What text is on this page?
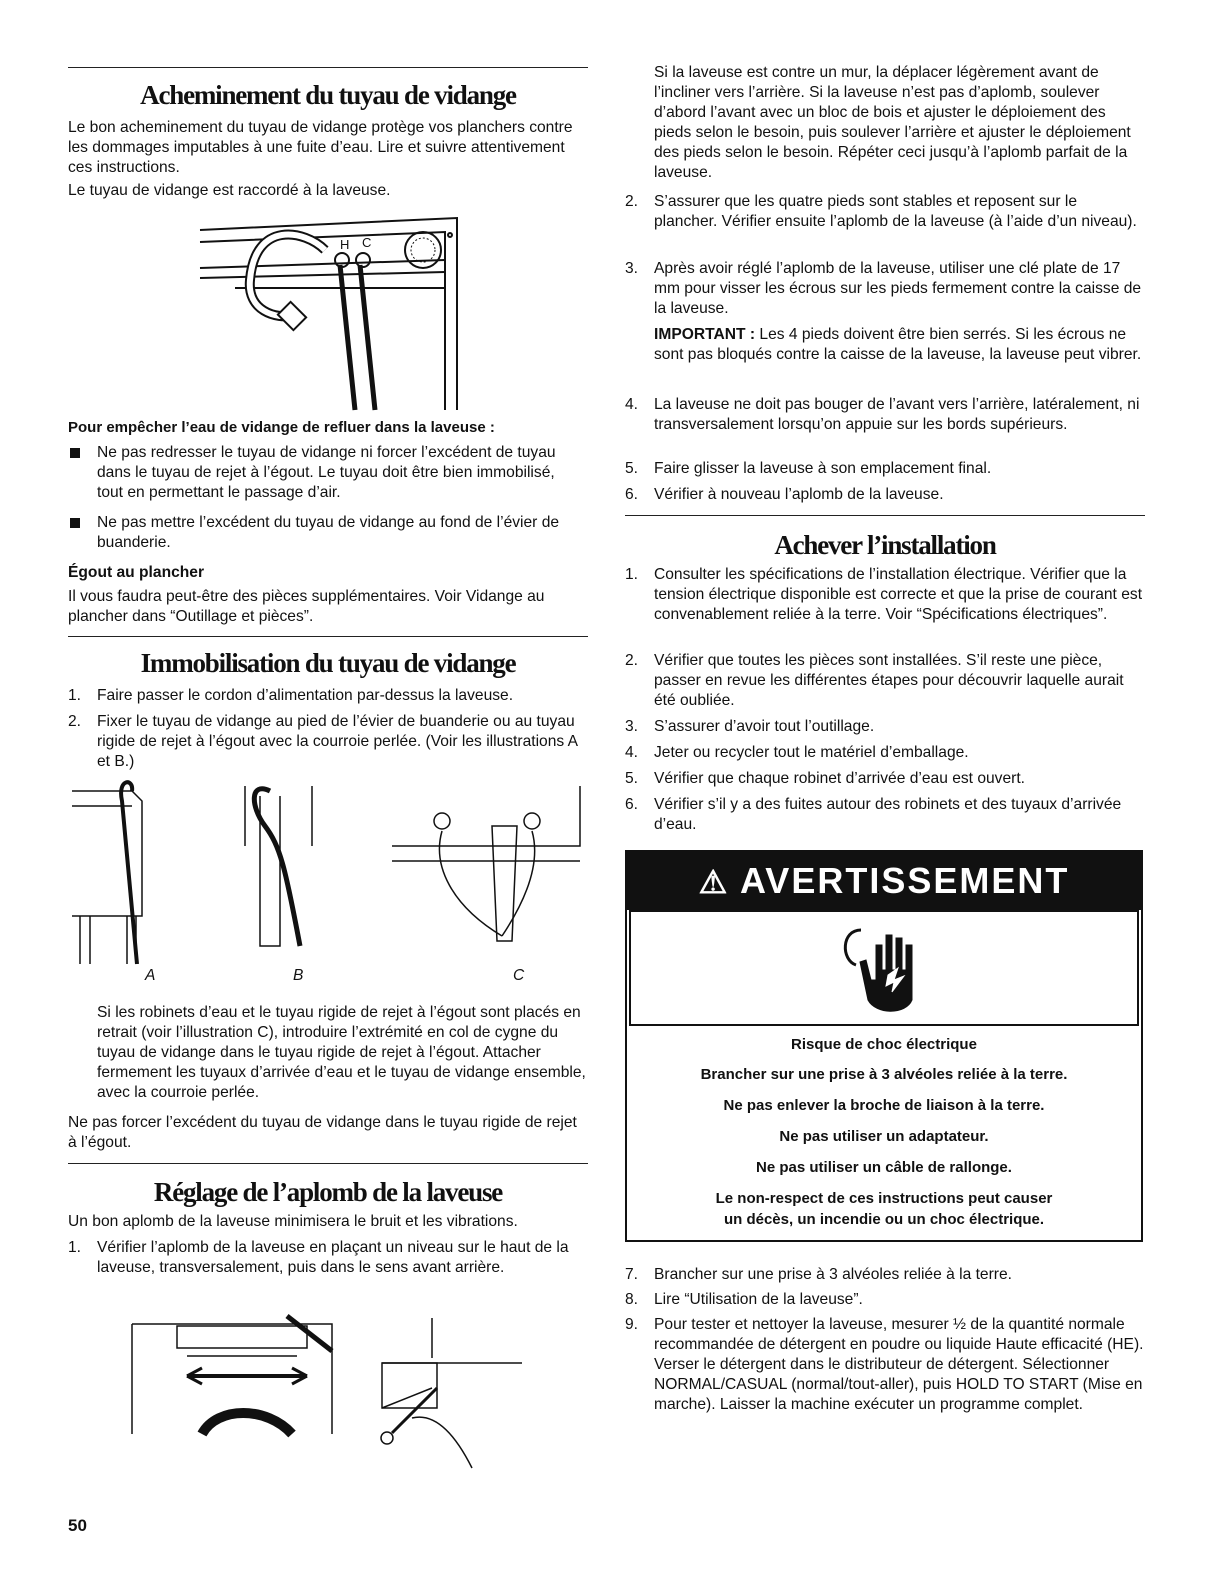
Acheminement du tuyau de vidange

Le bon acheminement du tuyau de vidange protège vos planchers contre les dommages imputables à une fuite d’eau. Lire et suivre attentivement ces instructions.

Le tuyau de vidange est raccordé à la laveuse.

H C

Pour empêcher l’eau de vidange de refluer dans la laveuse :

Ne pas redresser le tuyau de vidange ni forcer l’excédent de tuyau dans le tuyau de rejet à l’égout. Le tuyau doit être bien immobilisé, tout en permettant le passage d’air.

Ne pas mettre l’excédent du tuyau de vidange au fond de l’évier de buanderie.

Égout au plancher

Il vous faudra peut-être des pièces supplémentaires. Voir Vidange au plancher dans “Outillage et pièces”.

Immobilisation du tuyau de vidange
1. Faire passer le cordon d’alimentation par-dessus la laveuse.

2. Fixer le tuyau de vidange au pied de l’évier de buanderie ou au tuyau rigide de rejet à l’égout avec la courroie perlée. (Voir les illustrations A et B.)

A	B	C

Si les robinets d’eau et le tuyau rigide de rejet à l’égout sont placés en retrait (voir l’illustration C), introduire l’extrémité en col de cygne du tuyau de vidange dans le tuyau rigide de rejet à l’égout. Attacher fermement les tuyaux d’arrivée d’eau et le tuyau de vidange ensemble, avec la courroie perlée.

Ne pas forcer l’excédent du tuyau de vidange dans le tuyau rigide de rejet à l’égout.

Réglage de l’aplomb de la laveuse

Un bon aplomb de la laveuse minimisera le bruit et les vibrations.

1. Vérifier l’aplomb de la laveuse en plaçant un niveau sur le haut de la laveuse, transversalement, puis dans le sens avant arrière.

Si la laveuse est contre un mur, la déplacer légèrement avant de l’incliner vers l’arrière. Si la laveuse n’est pas d’aplomb, soulever d’abord l’avant avec un bloc de bois et ajuster le déploiement des pieds selon le besoin, puis soulever l’arrière et ajuster le déploiement des pieds selon le besoin. Répéter ceci jusqu’à l’aplomb parfait de la laveuse.

2. S’assurer que les quatre pieds sont stables et reposent sur le plancher. Vérifier ensuite l’aplomb de la laveuse (à l’aide d’un niveau).

3. Après avoir réglé l’aplomb de la laveuse, utiliser une clé plate de 17 mm pour visser les écrous sur les pieds fermement contre la caisse de la laveuse.

IMPORTANT : Les 4 pieds doivent être bien serrés. Si les écrous ne sont pas bloqués contre la caisse de la laveuse, la laveuse peut vibrer.

4. La laveuse ne doit pas bouger de l’avant vers l’arrière, latéralement, ni transversalement lorsqu’on appuie sur les bords supérieurs.

5. Faire glisser la laveuse à son emplacement final.

6. Vérifier à nouveau l’aplomb de la laveuse.

Achever l’installation
1. Consulter les spécifications de l’installation électrique. Vérifier que la tension électrique disponible est correcte et que la prise de courant est convenablement reliée à la terre. Voir “Spécifications électriques”.

2. Vérifier que toutes les pièces sont installées. S’il reste une pièce, passer en revue les différentes étapes pour découvrir laquelle aurait été oubliée.

3. S’assurer d’avoir tout l’outillage.

4. Jeter ou recycler tout le matériel d’emballage.

5. Vérifier que chaque robinet d’arrivée d’eau est ouvert.

6. Vérifier s’il y a des fuites autour des robinets et des tuyaux d’arrivée d’eau.

⚠ AVERTISSEMENT
Risque de choc électrique
Brancher sur une prise à 3 alvéoles reliée à la terre.
Ne pas enlever la broche de liaison à la terre.
Ne pas utiliser un adaptateur.
Ne pas utiliser un câble de rallonge.
Le non-respect de ces instructions peut causer
un décès, un incendie ou un choc électrique.
7. Brancher sur une prise à 3 alvéoles reliée à la terre.

8. Lire “Utilisation de la laveuse”.

9. Pour tester et nettoyer la laveuse, mesurer ½ de la quantité normale recommandée de détergent en poudre ou liquide Haute efficacité (HE). Verser le détergent dans le distributeur de détergent. Sélectionner NORMAL/CASUAL (normal/tout-aller), puis HOLD TO START (Mise en marche). Laisser la machine exécuter un programme complet.

50
